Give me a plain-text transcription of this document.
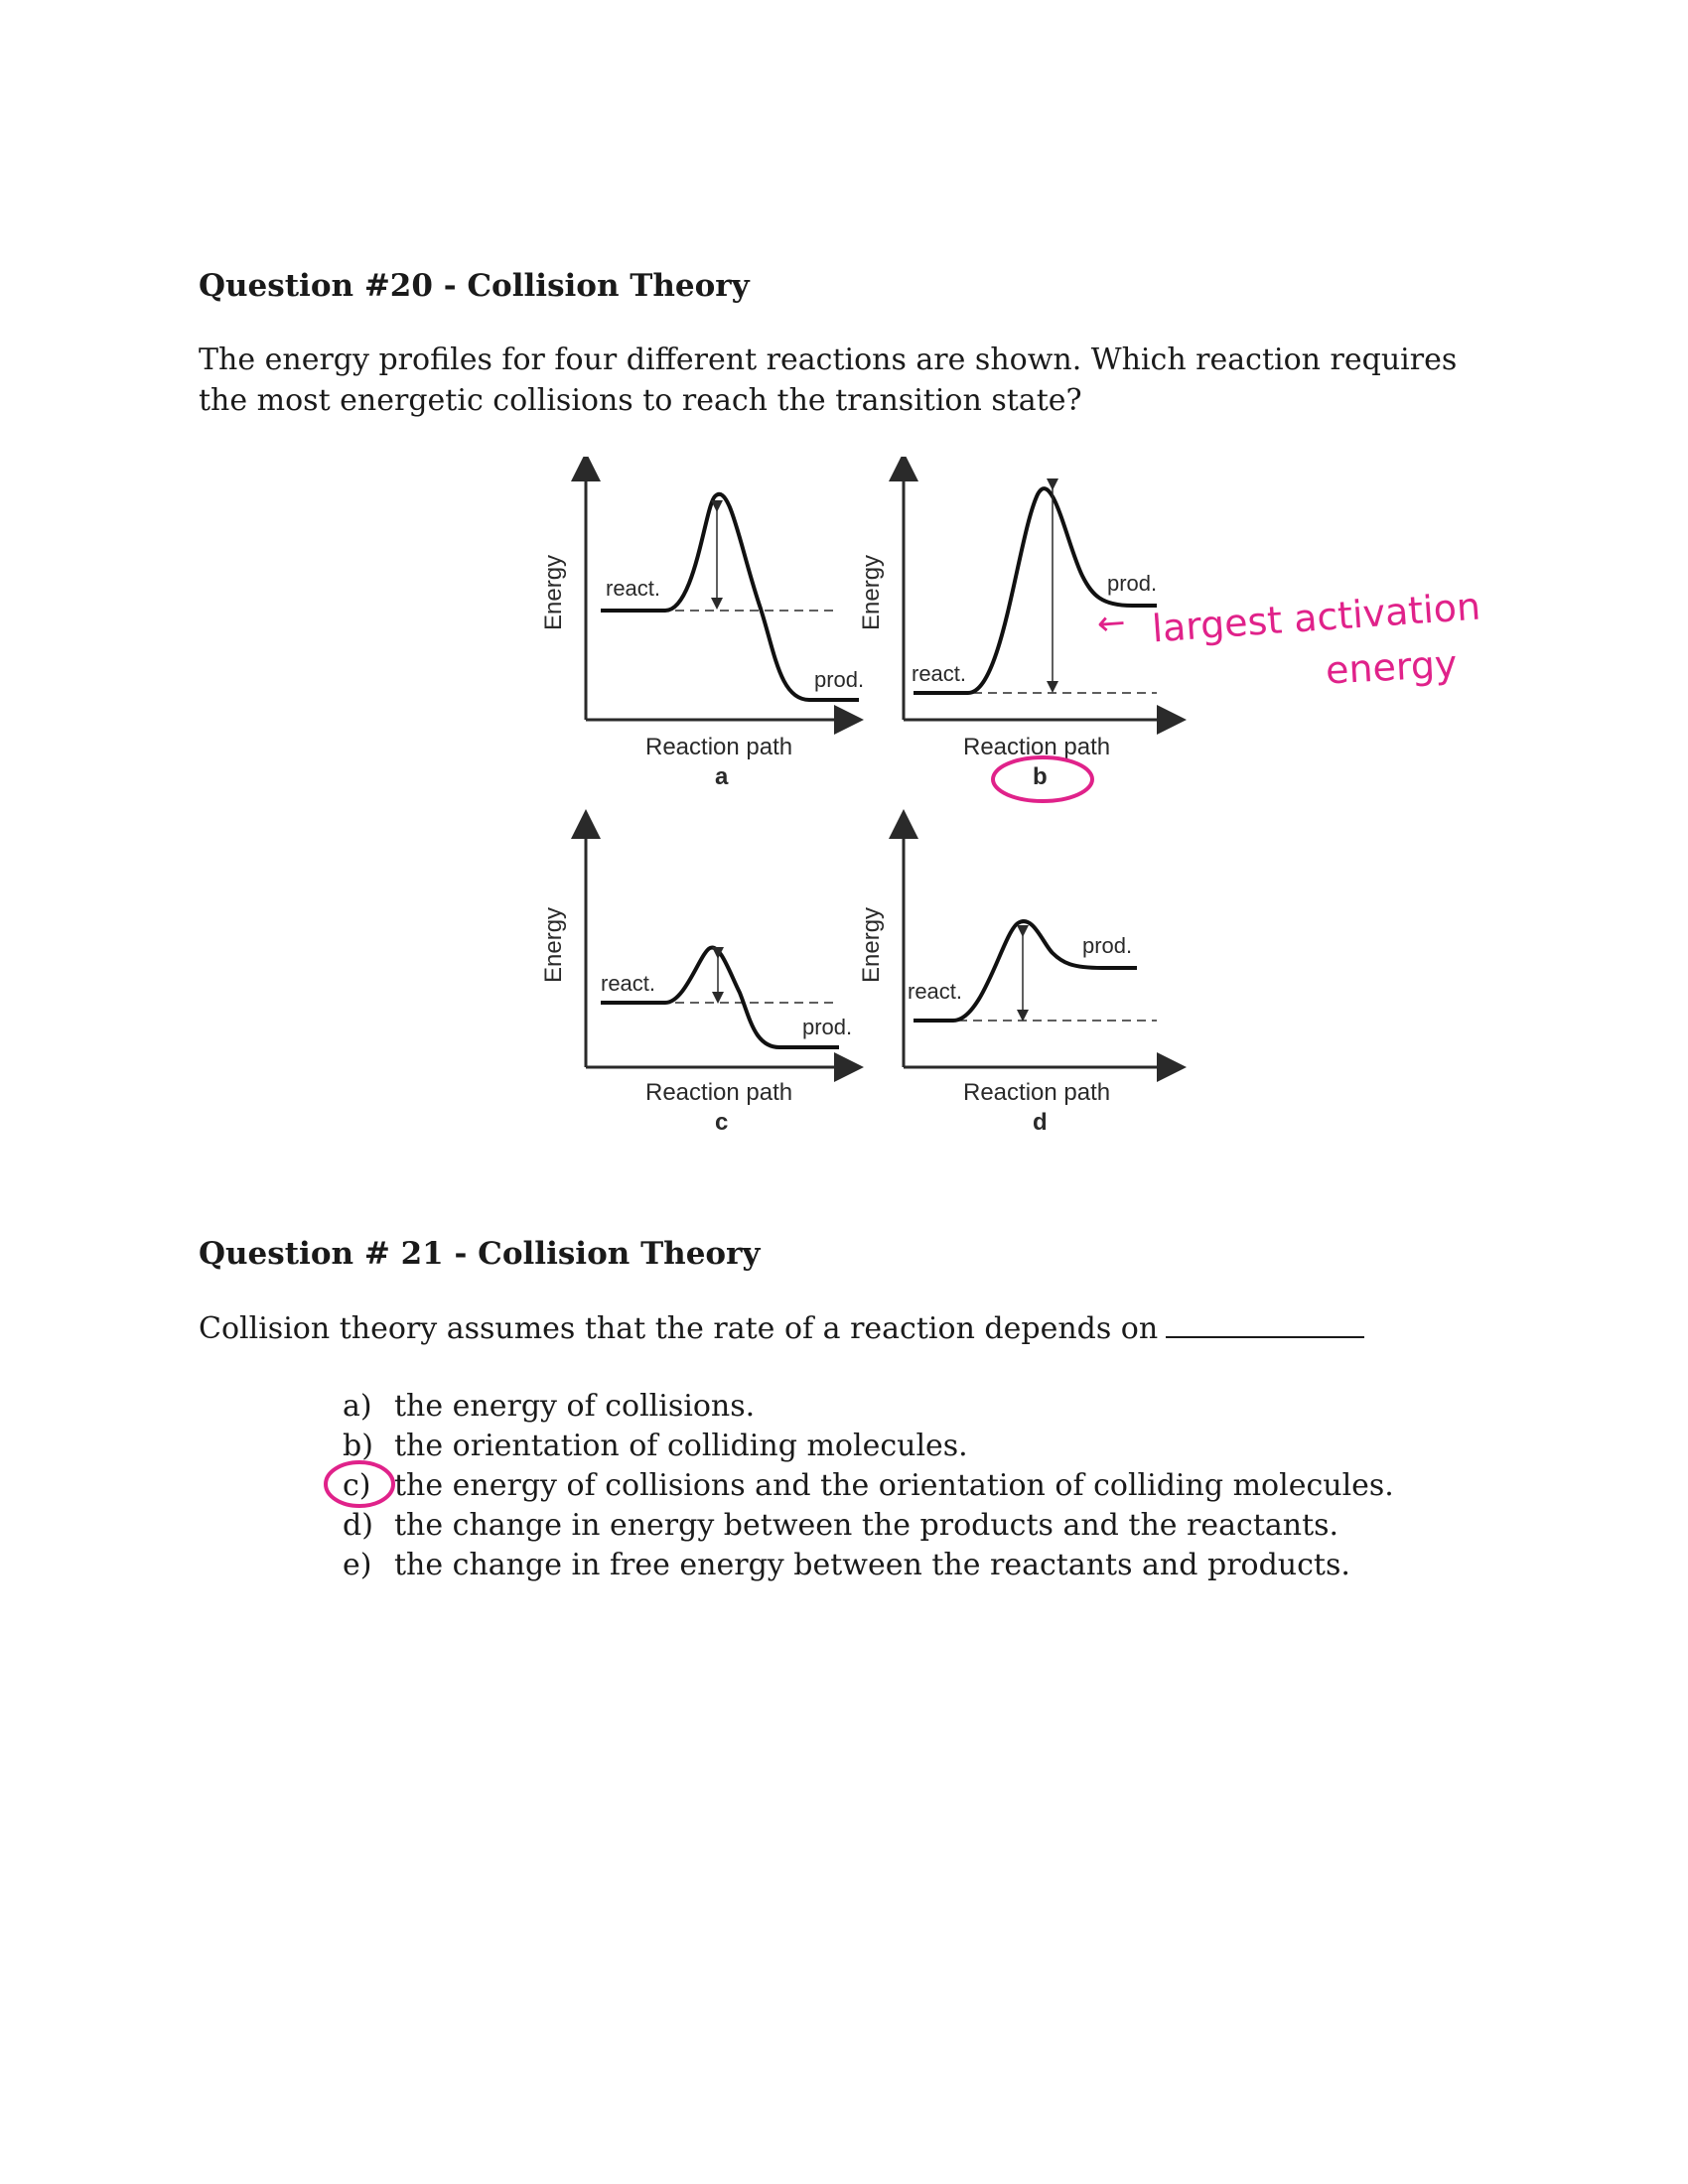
Question #20 - Collision Theory
The energy profiles for four different reactions are shown. Which reaction requires the most energetic collisions to reach the transition state?
Energy react.
prod.
Reaction path
a
Energy
react.
prod.
Reaction path
b
Energy
react.
prod.
Reaction path
c
Energy
react.
prod.
Reaction path
d
← largest activation
energy
Question # 21 - Collision Theory
Collision theory assumes that the rate of a reaction depends on
a) the energy of collisions.
b) the orientation of colliding molecules.
c) the energy of collisions and the orientation of colliding molecules.
d) the change in energy between the products and the reactants.
e) the change in free energy between the reactants and products.
